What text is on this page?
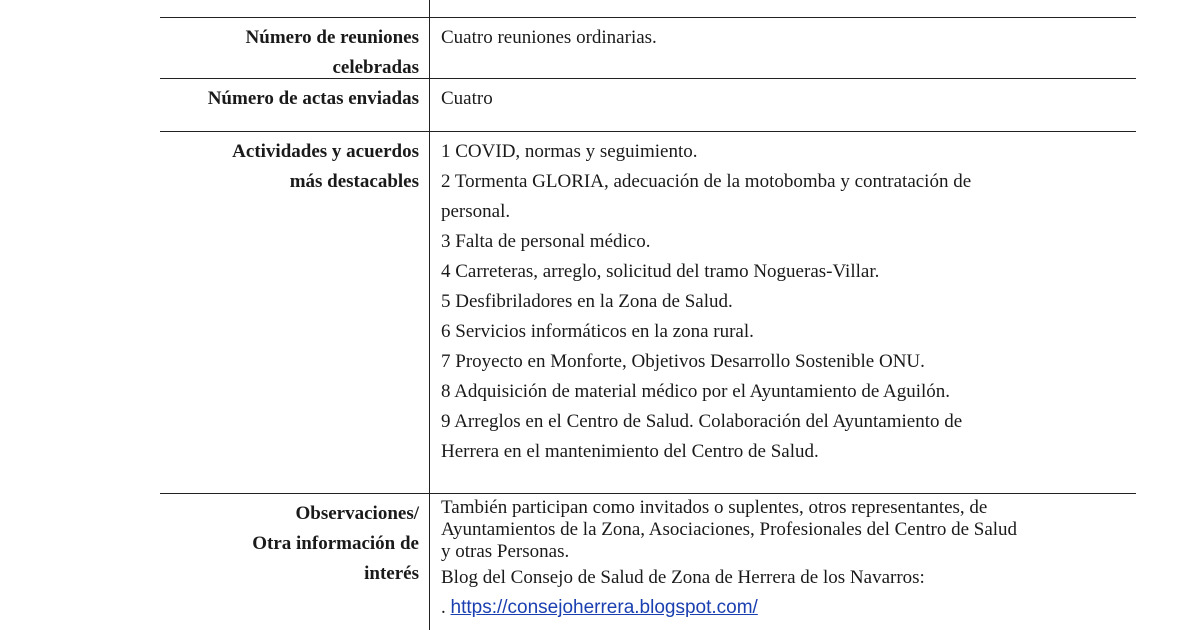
Número de reuniones
celebradas
Cuatro reuniones ordinarias.
Número de actas enviadas Cuatro
Actividades y acuerdos
más destacables
1 COVID, normas y seguimiento.
2 Tormenta GLORIA, adecuación de la motobomba y contratación de
personal.
3 Falta de personal médico.
4 Carreteras, arreglo, solicitud del tramo Nogueras-Villar.
5 Desfibriladores en la Zona de Salud.
6 Servicios informáticos en la zona rural.
7 Proyecto en Monforte, Objetivos Desarrollo Sostenible ONU.
8 Adquisición de material médico por el Ayuntamiento de Aguilón.
9 Arreglos en el Centro de Salud. Colaboración del Ayuntamiento de
Herrera en el mantenimiento del Centro de Salud.
Observaciones/
Otra información de
interés
También participan como invitados o suplentes, otros representantes, de
Ayuntamientos de la Zona, Asociaciones, Profesionales del Centro de Salud
y otras Personas.
Blog del Consejo de Salud de Zona de Herrera de los Navarros:
. https://consejoherrera.blogspot.com/
